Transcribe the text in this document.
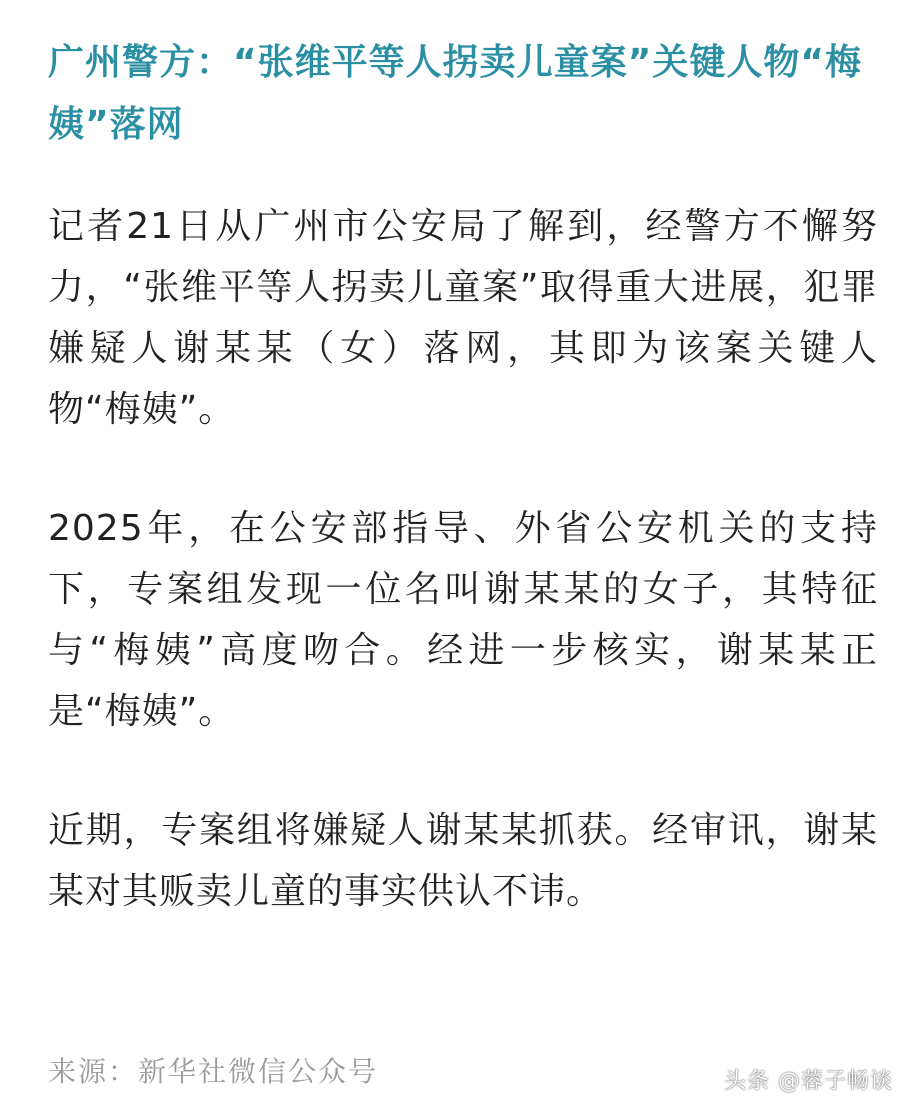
广州警方：“张维平等人拐卖儿童案”关键人物“梅姨”落网

记者21日从广州市公安局了解到，经警方不懈努力，“张维平等人拐卖儿童案”取得重大进展，犯罪嫌疑人谢某某（女）落网，其即为该案关键人物“梅姨”。

2025年，在公安部指导、外省公安机关的支持下，专案组发现一位名叫谢某某的女子，其特征与“梅姨”高度吻合。经进一步核实，谢某某正是“梅姨”。

近期，专案组将嫌疑人谢某某抓获。经审讯，谢某某对其贩卖儿童的事实供认不讳。

来源：新华社微信公众号	头条 @蓉子畅谈
